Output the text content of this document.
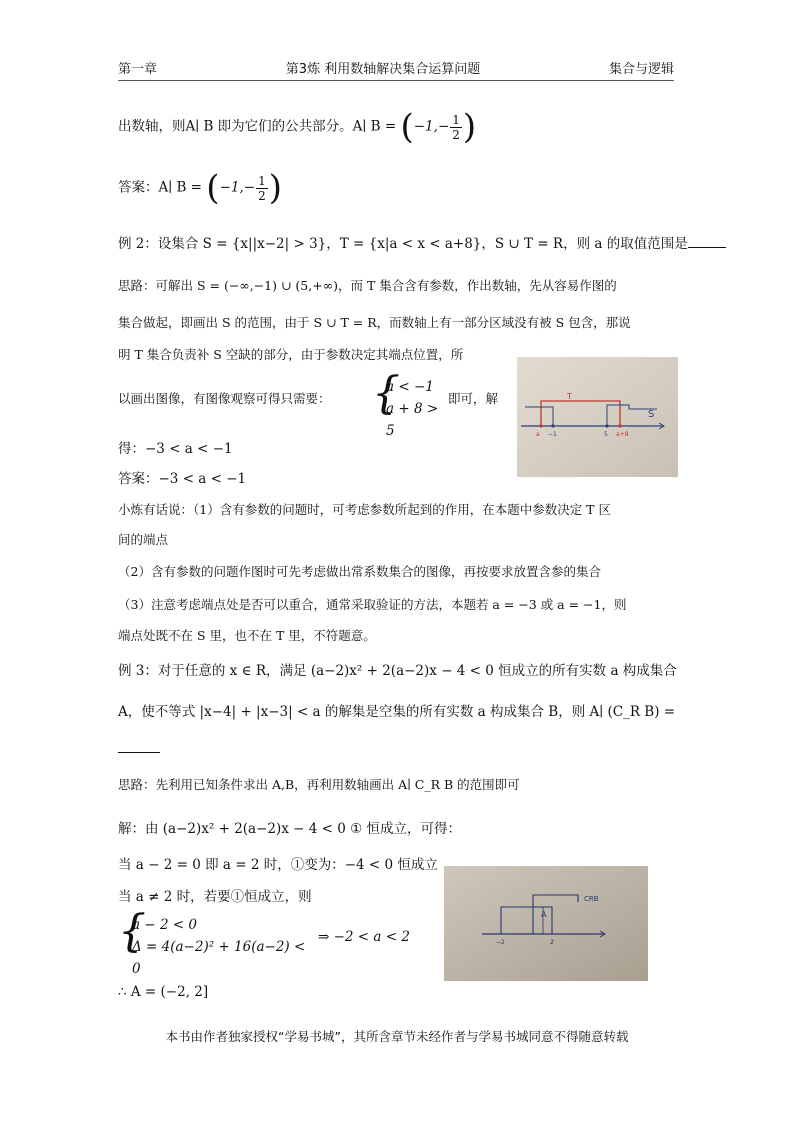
第一章	第3炼 利用数轴解决集合运算问题	集合与逻辑
出数轴，则A∣ B 即为它们的公共部分。A∣ $B = (-1,- \frac{1}{2}$ )
答案：A∣ $B = (-1,- \frac{1}{2}$ )
例 2：设集合 S = {x||x−2| > 3}，T = {x|a < x < a+8}，S ∪ T = R，则 a 的取值范围是
思路：可解出 S = (−∞,−1) ∪ (5,+∞)，而 T 集合含有参数，作出数轴，先从容易作图的
集合做起，即画出 S 的范围，由于 S ∪ T = R，而数轴上有一部分区域没有被 S 包含，那说
明 T 集合负责补 S 空缺的部分，由于参数决定其端点位置，所
以画出图像，有图像观察可得只需要： {
a < −1
a + 8 > 5
即可，解
得：−3 < a < −1
答案：−3 < a < −1
T
S
a −1	5 a+8
小炼有话说：（1）含有参数的问题时，可考虑参数所起到的作用，在本题中参数决定 T 区
间的端点
（2）含有参数的问题作图时可先考虑做出常系数集合的图像，再按要求放置含参的集合
（3）注意考虑端点处是否可以重合，通常采取验证的方法，本题若 a = −3 或 a = −1，则
端点处既不在 S 里，也不在 T 里，不符题意。
例 3：对于任意的 x ∈ R，满足 (a−2)x² + 2(a−2)x − 4 < 0 恒成立的所有实数 a 构成集合
A，使不等式 |x−4| + |x−3| < a 的解集是空集的所有实数 a 构成集合 B，则 A∣ (C_R B) =
思路：先利用已知条件求出 A,B，再利用数轴画出 A∣ C_R B 的范围即可
解：由 (a−2)x² + 2(a−2)x − 4 < 0 ① 恒成立，可得：
当 a − 2 = 0 即 a = 2 时，①变为：−4 < 0 恒成立
当 a ≠ 2 时，若要①恒成立，则
{
a − 2 < 0
Δ = 4(a−2)² + 16(a−2) < 0
⇒ −2 < a < 2
∴ A = (−2, 2]
A
CRB
−2	2
本书由作者独家授权“学易书城”，其所含章节未经作者与学易书城同意不得随意转载
